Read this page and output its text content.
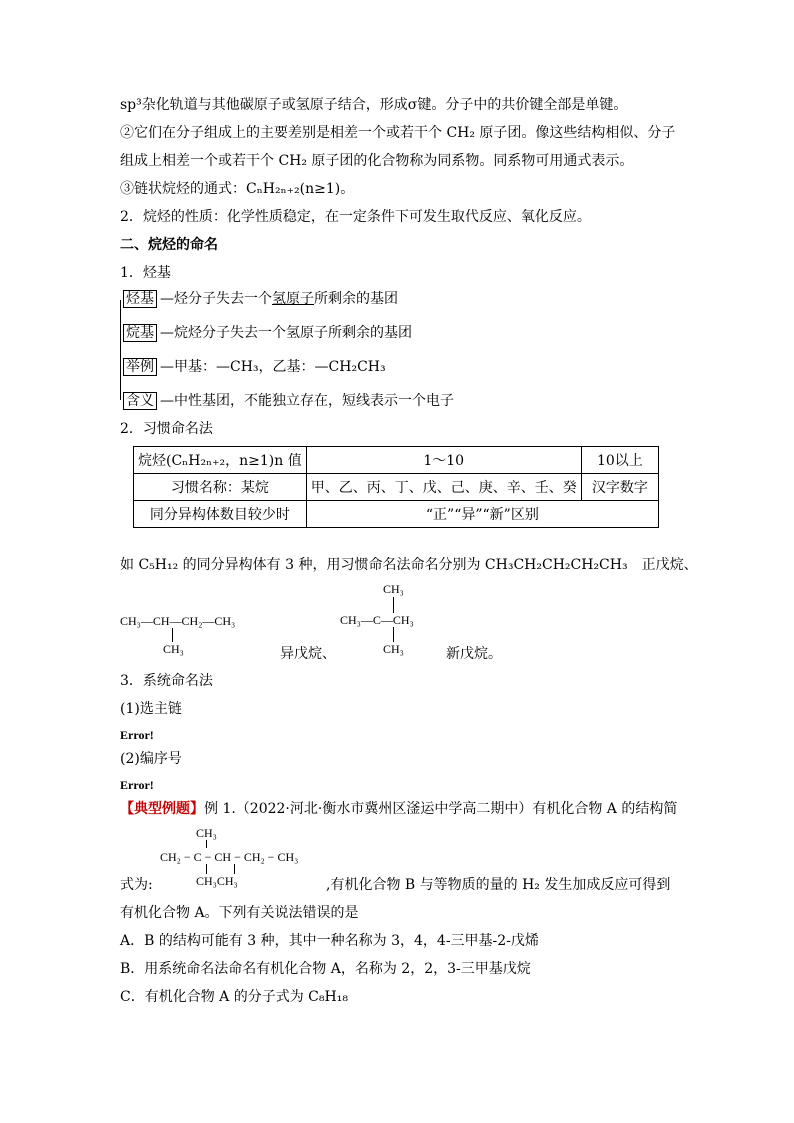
sp³杂化轨道与其他碳原子或氢原子结合，形成σ键。分子中的共价键全部是单键。
②它们在分子组成上的主要差别是相差一个或若干个 CH₂ 原子团。像这些结构相似、分子
组成上相差一个或若干个 CH₂ 原子团的化合物称为同系物。同系物可用通式表示。
③链状烷烃的通式：CₙH₂ₙ₊₂(n≥1)。
2．烷烃的性质：化学性质稳定，在一定条件下可发生取代反应、氧化反应。
二、烷烃的命名
1．烃基
烃基 —烃分子失去一个氢原子所剩余的基团
烷基 —烷烃分子失去一个氢原子所剩余的基团
举例 —甲基：—CH₃，乙基：—CH₂CH₃
含义 —中性基团，不能独立存在，短线表示一个电子
2．习惯命名法
烷烃(CₙH₂ₙ₊₂，n≥1)n 值	1～10	10以上
习惯名称：某烷	甲、乙、丙、丁、戊、己、庚、辛、壬、癸	汉字数字
同分异构体数目较少时	“正”“异”“新”区别	
如 C₅H₁₂ 的同分异构体有 3 种，用习惯命名法命名分别为 CH₃CH₂CH₂CH₂CH₃　正戊烷、
CH₃—CH—CH₂—CH₃
CH₃	异戊烷、
CH₃
CH₃—C—CH₃
CH₃	新戊烷。
3．系统命名法
(1)选主链
Error!
(2)编序号
Error!
【典型例题】例 1.（2022·河北·衡水市冀州区滏运中学高二期中）有机化合物 A 的结构简
CH₃
CH₂ − C − CH − CH₂ − CH₃
CH₃CH₃
式为:	,有机化合物 B 与等物质的量的 H₂ 发生加成反应可得到
有机化合物 A。下列有关说法错误的是
A．B 的结构可能有 3 种，其中一种名称为 3，4，4-三甲基-2-戊烯
B．用系统命名法命名有机化合物 A，名称为 2，2，3-三甲基戊烷
C．有机化合物 A 的分子式为 C₈H₁₈
